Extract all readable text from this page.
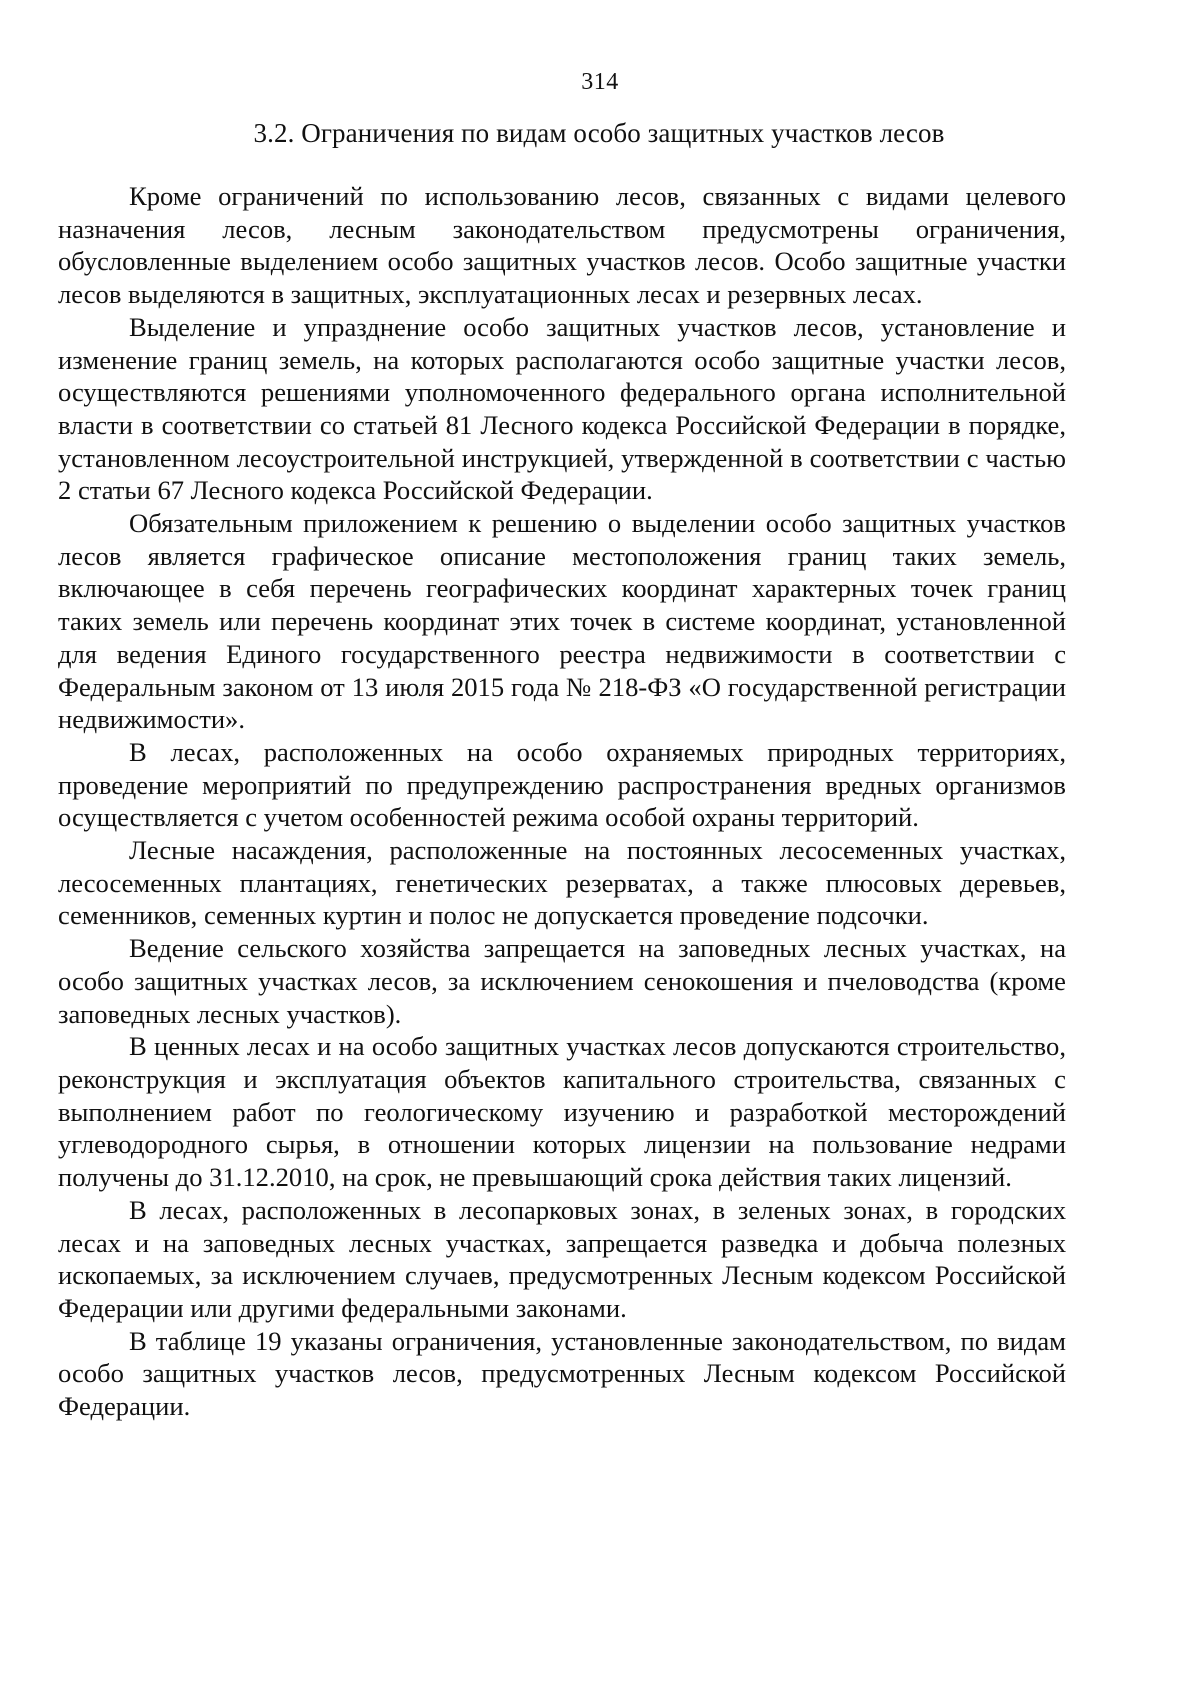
314
3.2. Ограничения по видам особо защитных участков лесов

Кроме ограничений по использованию лесов, связанных с видами целевого назначения лесов, лесным законодательством предусмотрены ограничения, обусловленные выделением особо защитных участков лесов. Особо защитные участки лесов выделяются в защитных, эксплуатационных лесах и резервных лесах.

Выделение и упразднение особо защитных участков лесов, установление и изменение границ земель, на которых располагаются особо защитные участки лесов, осуществляются решениями уполномоченного федерального органа исполнительной власти в соответствии со статьей 81 Лесного кодекса Российской Федерации в порядке, установленном лесоустроительной инструкцией, утвержденной в соответствии с частью 2 статьи 67 Лесного кодекса Российской Федерации.

Обязательным приложением к решению о выделении особо защитных участков лесов является графическое описание местоположения границ таких земель, включающее в себя перечень географических координат характерных точек границ таких земель или перечень координат этих точек в системе координат, установленной для ведения Единого государственного реестра недвижимости в соответствии с Федеральным законом от 13 июля 2015 года № 218-ФЗ «О государственной регистрации недвижимости».

В лесах, расположенных на особо охраняемых природных территориях, проведение мероприятий по предупреждению распространения вредных организмов осуществляется с учетом особенностей режима особой охраны территорий.

Лесные насаждения, расположенные на постоянных лесосеменных участках, лесосеменных плантациях, генетических резерватах, а также плюсовых деревьев, семенников, семенных куртин и полос не допускается проведение подсочки.

Ведение сельского хозяйства запрещается на заповедных лесных участках, на особо защитных участках лесов, за исключением сенокошения и пчеловодства (кроме заповедных лесных участков).

В ценных лесах и на особо защитных участках лесов допускаются строительство, реконструкция и эксплуатация объектов капитального строительства, связанных с выполнением работ по геологическому изучению и разработкой месторождений углеводородного сырья, в отношении которых лицензии на пользование недрами получены до 31.12.2010, на срок, не превышающий срока действия таких лицензий.

В лесах, расположенных в лесопарковых зонах, в зеленых зонах, в городских лесах и на заповедных лесных участках, запрещается разведка и добыча полезных ископаемых, за исключением случаев, предусмотренных Лесным кодексом Российской Федерации или другими федеральными законами.

В таблице 19 указаны ограничения, установленные законодательством, по видам особо защитных участков лесов, предусмотренных Лесным кодексом Российской Федерации.
